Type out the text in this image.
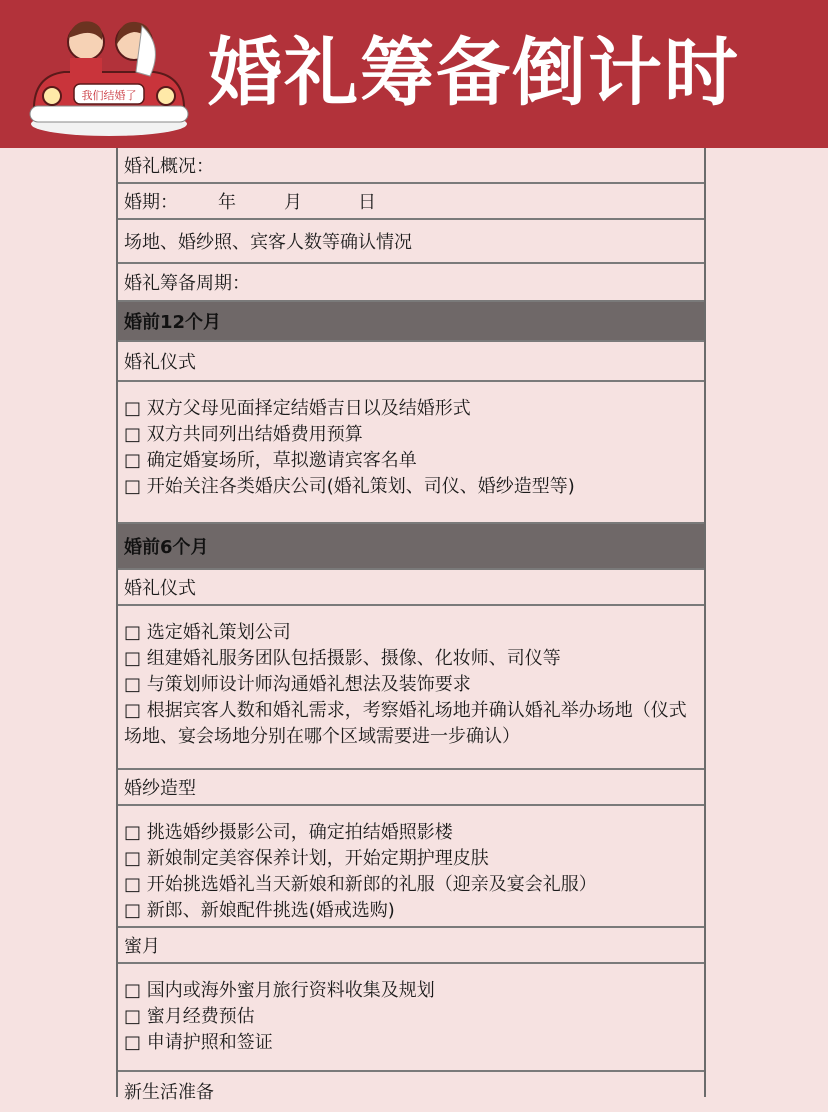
我们结婚了 婚礼筹备倒计时
婚礼概况：
婚期：	年	月	日
场地、婚纱照、宾客人数等确认情况
婚礼筹备周期：
婚前12个月
婚礼仪式
□ 双方父母见面择定结婚吉日以及结婚形式
□ 双方共同列出结婚费用预算
□ 确定婚宴场所，草拟邀请宾客名单
□ 开始关注各类婚庆公司(婚礼策划、司仪、婚纱造型等)
婚前6个月
婚礼仪式
□ 选定婚礼策划公司
□ 组建婚礼服务团队包括摄影、摄像、化妆师、司仪等
□ 与策划师设计师沟通婚礼想法及装饰要求
□ 根据宾客人数和婚礼需求，考察婚礼场地并确认婚礼举办场地（仪式场地、宴会场地分别在哪个区域需要进一步确认）
婚纱造型
□ 挑选婚纱摄影公司，确定拍结婚照影楼
□ 新娘制定美容保养计划，开始定期护理皮肤
□ 开始挑选婚礼当天新娘和新郎的礼服（迎亲及宴会礼服）
□ 新郎、新娘配件挑选(婚戒选购)
蜜月
□ 国内或海外蜜月旅行资料收集及规划
□ 蜜月经费预估
□ 申请护照和签证
新生活准备
